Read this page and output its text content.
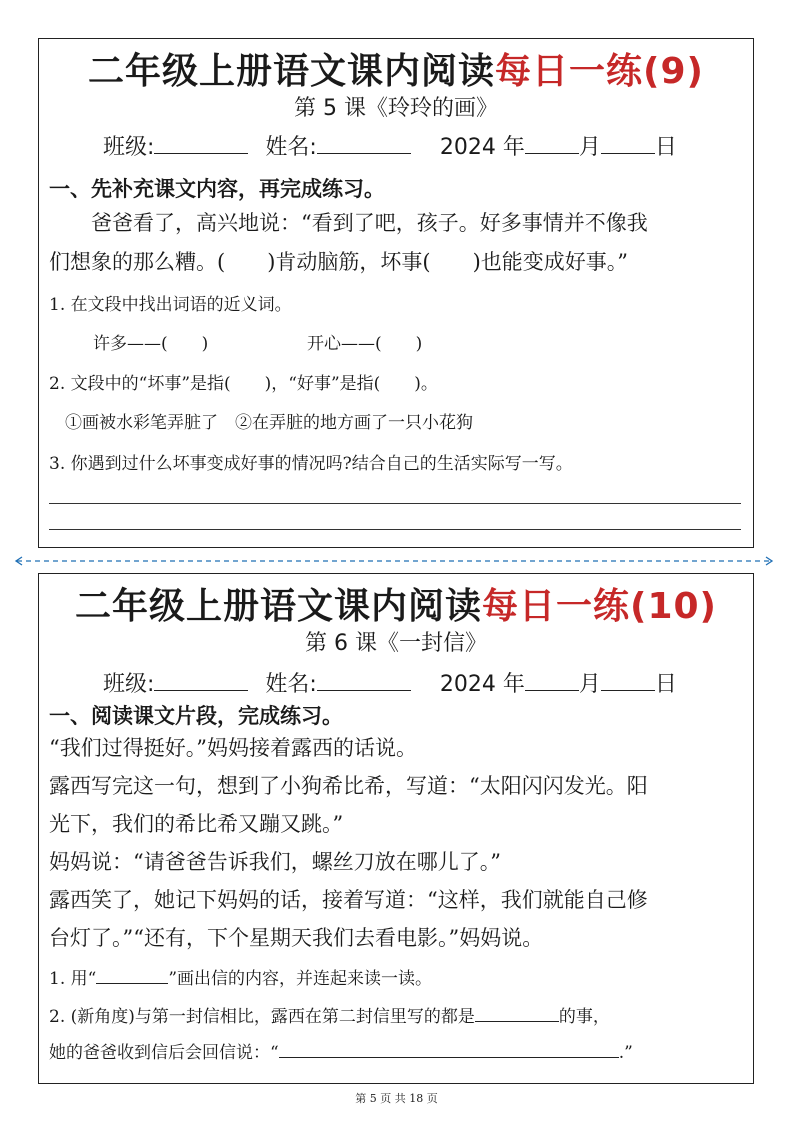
二年级上册语文课内阅读每日一练(9)
第 5 课《玲玲的画》
班级:	姓名:	2024 年 月 日
一、先补充课文内容，再完成练习。
爸爸看了，高兴地说：“看到了吧，孩子。好多事情并不像我
们想象的那么糟。(　　)肯动脑筋，坏事(　　)也能变成好事。”
1. 在文段中找出词语的近义词。
许多——(　　)	开心——(　　)
2. 文段中的“坏事”是指(　　)，“好事”是指(　　)。
①画被水彩笔弄脏了　②在弄脏的地方画了一只小花狗
3. 你遇到过什么坏事变成好事的情况吗?结合自己的生活实际写一写。
二年级上册语文课内阅读每日一练(10)
第 6 课《一封信》
班级:	姓名:	2024 年 月 日
一、阅读课文片段，完成练习。
“我们过得挺好。”妈妈接着露西的话说。
露西写完这一句，想到了小狗希比希，写道：“太阳闪闪发光。阳
光下，我们的希比希又蹦又跳。”
妈妈说：“请爸爸告诉我们，螺丝刀放在哪儿了。”
露西笑了，她记下妈妈的话，接着写道：“这样，我们就能自己修
台灯了。”“还有，下个星期天我们去看电影。”妈妈说。
1. 用“	”画出信的内容，并连起来读一读。
2. (新角度)与第一封信相比，露西在第二封信里写的都是	的事，
她的爸爸收到信后会回信说：“	.”
第 5 页 共 18 页
